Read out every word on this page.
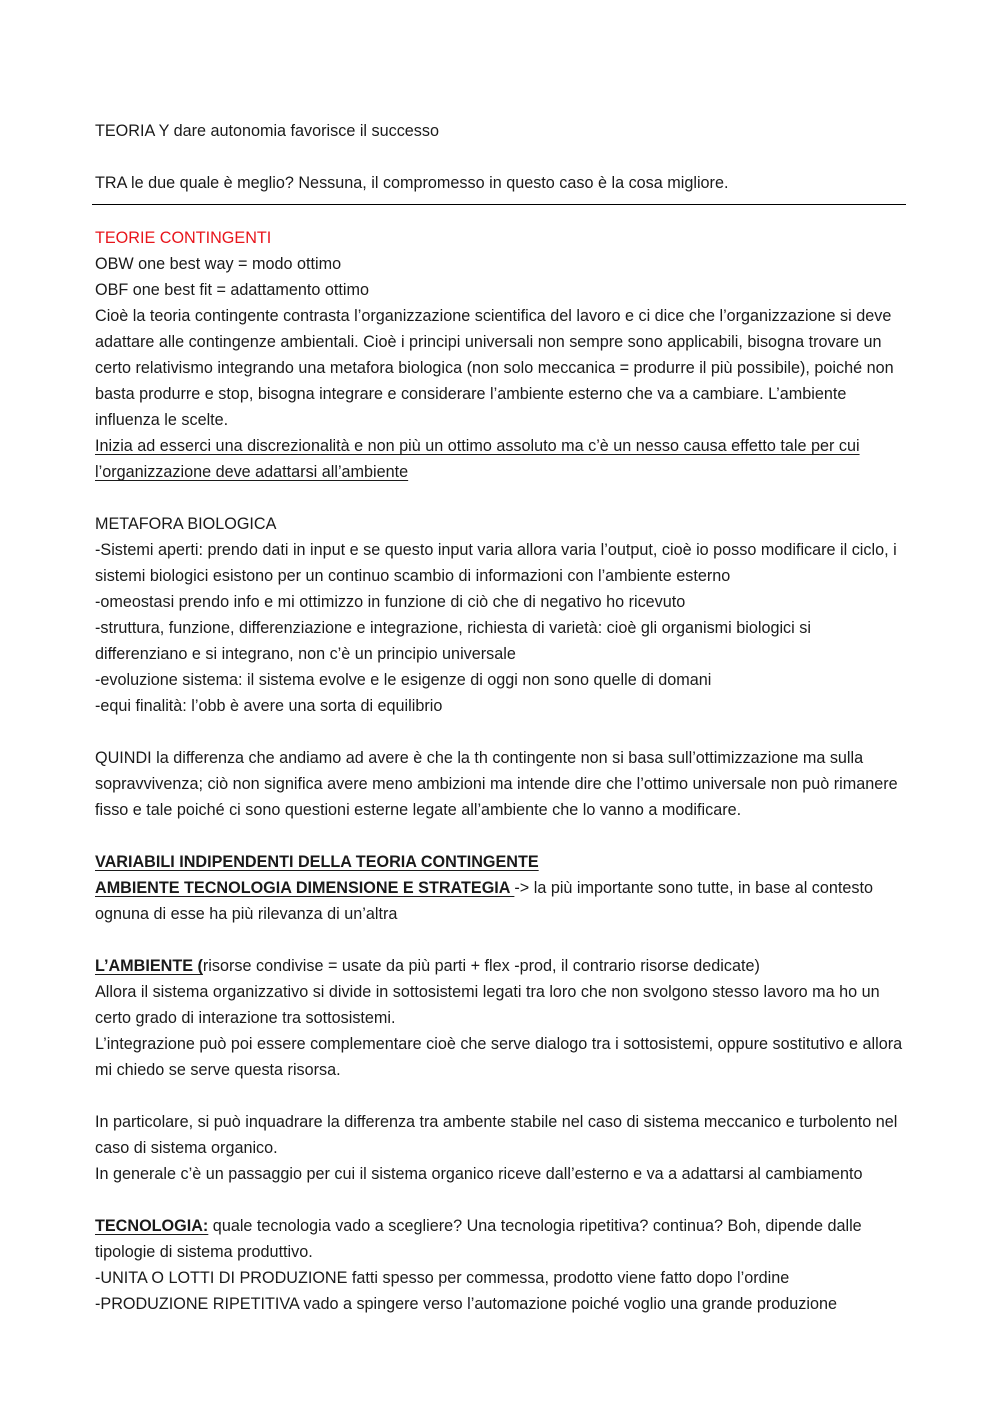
TEORIA Y dare autonomia favorisce il successo

TRA le due quale è meglio? Nessuna, il compromesso in questo caso è la cosa migliore.

TEORIE CONTINGENTI

OBW one best way = modo ottimo

OBF one best fit = adattamento ottimo

Cioè la teoria contingente contrasta l’organizzazione scientifica del lavoro e ci dice che l’organizzazione si deve adattare alle contingenze ambientali. Cioè i principi universali non sempre sono applicabili, bisogna trovare un certo relativismo integrando una metafora biologica (non solo meccanica = produrre il più possibile), poiché non basta produrre e stop, bisogna integrare e considerare l’ambiente esterno che va a cambiare. L’ambiente influenza le scelte.

Inizia ad esserci una discrezionalità e non più un ottimo assoluto ma c’è un nesso causa effetto tale per cui l’organizzazione deve adattarsi all’ambiente

METAFORA BIOLOGICA

-Sistemi aperti: prendo dati in input e se questo input varia allora varia l’output, cioè io posso modificare il ciclo, i sistemi biologici esistono per un continuo scambio di informazioni con l’ambiente esterno

-omeostasi prendo info e mi ottimizzo in funzione di ciò che di negativo ho ricevuto

-struttura, funzione, differenziazione e integrazione, richiesta di varietà: cioè gli organismi biologici si differenziano e si integrano, non c’è un principio universale

-evoluzione sistema: il sistema evolve e le esigenze di oggi non sono quelle di domani

-equi finalità: l’obb è avere una sorta di equilibrio

QUINDI la differenza che andiamo ad avere è che la th contingente non si basa sull’ottimizzazione ma sulla sopravvivenza; ciò non significa avere meno ambizioni ma intende dire che l’ottimo universale non può rimanere fisso e tale poiché ci sono questioni esterne legate all’ambiente che lo vanno a modificare.

VARIABILI INDIPENDENTI DELLA TEORIA CONTINGENTE

AMBIENTE TECNOLOGIA DIMENSIONE E STRATEGIA -> la più importante sono tutte, in base al contesto ognuna di esse ha più rilevanza di un’altra

L’AMBIENTE (risorse condivise = usate da più parti + flex -prod, il contrario risorse dedicate)

Allora il sistema organizzativo si divide in sottosistemi legati tra loro che non svolgono stesso lavoro ma ho un certo grado di interazione tra sottosistemi.

L’integrazione può poi essere complementare cioè che serve dialogo tra i sottosistemi, oppure sostitutivo e allora mi chiedo se serve questa risorsa.

In particolare, si può inquadrare la differenza tra ambente stabile nel caso di sistema meccanico e turbolento nel caso di sistema organico.

In generale c’è un passaggio per cui il sistema organico riceve dall’esterno e va a adattarsi al cambiamento

TECNOLOGIA: quale tecnologia vado a scegliere? Una tecnologia ripetitiva? continua? Boh, dipende dalle tipologie di sistema produttivo.

-UNITA O LOTTI DI PRODUZIONE fatti spesso per commessa, prodotto viene fatto dopo l’ordine

-PRODUZIONE RIPETITIVA vado a spingere verso l’automazione poiché voglio una grande produzione
